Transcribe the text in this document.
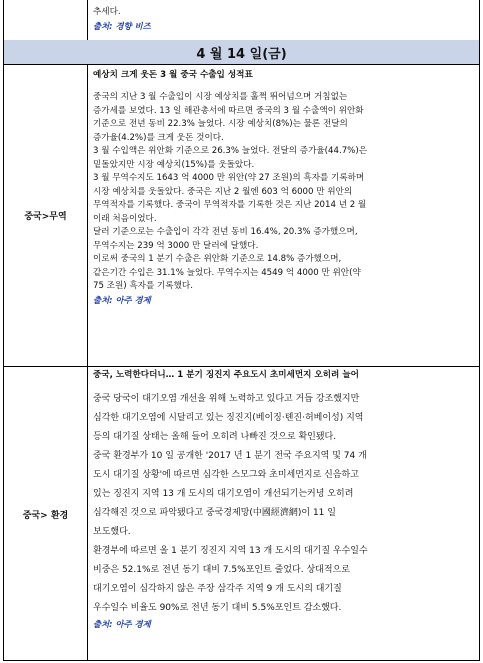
추세다.
출처: 경향 비즈
4 월 14 일(금)
중국>무역
예상치 크게 웃돈 3 월 중국 수출입 성적표
중국의 지난 3 월 수출입이 시장 예상치를 훌쩍 뛰어넘으며 거침없는
증가세를 보였다. 13 일 해관총서에 따르면 중국의 3 월 수출액이 위안화
기준으로 전년 동비 22.3% 늘었다. 시장 예상치(8%)는 물론 전달의
증가율(4.2%)를 크게 웃돈 것이다.
3 월 수입액은 위안화 기준으로 26.3% 늘었다. 전달의 증가율(44.7%)은
밑돌았지만 시장 예상치(15%)를 웃돌았다.
3 월 무역수지도 1643 억 4000 만 위안(약 27 조원)의 흑자를 기록하며
시장 예상치를 웃돌았다. 중국은 지난 2 월엔 603 억 6000 만 위안의
무역적자를 기록했다. 중국이 무역적자를 기록한 것은 지난 2014 년 2 월
이래 처음이었다.
달러 기준으로는 수출입이 각각 전년 동비 16.4%, 20.3% 증가했으며,
무역수지는 239 억 3000 만 달러에 달했다.
이로써 중국의 1 분기 수출은 위안화 기준으로 14.8% 증가했으며,
같은기간 수입은 31.1% 늘었다. 무역수지는 4549 억 4000 만 위안(약
75 조원) 흑자를 기록했다.
출처: 아주 경제
중국> 환경
중국, 노력한다더니… 1 분기 징진지 주요도시 초미세먼지 오히려 늘어
중국 당국이 대기오염 개선을 위해 노력하고 있다고 거듭 강조했지만
심각한 대기오염에 시달리고 있는 징진지(베이징·톈진·허베이성) 지역
등의 대기질 상태는 올해 들어 오히려 나빠진 것으로 확인됐다.
중국 환경부가 10 일 공개한 '2017 년 1 분기 전국 주요지역 및 74 개
도시 대기질 상황'에 따르면 심각한 스모그와 초미세먼지로 신음하고
있는 징진지 지역 13 개 도시의 대기오염이 개선되기는커녕 오히려
심각해진 것으로 파악됐다고 중국경제망(中國經濟網)이 11 일
보도했다.
환경부에 따르면 올 1 분기 징진지 지역 13 개 도시의 대기질 우수일수
비중은 52.1%로 전년 동기 대비 7.5%포인트 줄었다. 상대적으로
대기오염이 심각하지 않은 주장 삼각주 지역 9 개 도시의 대기질
우수일수 비율도 90%로 전년 동기 대비 5.5%포인트 감소했다.
출처: 아주 경제
